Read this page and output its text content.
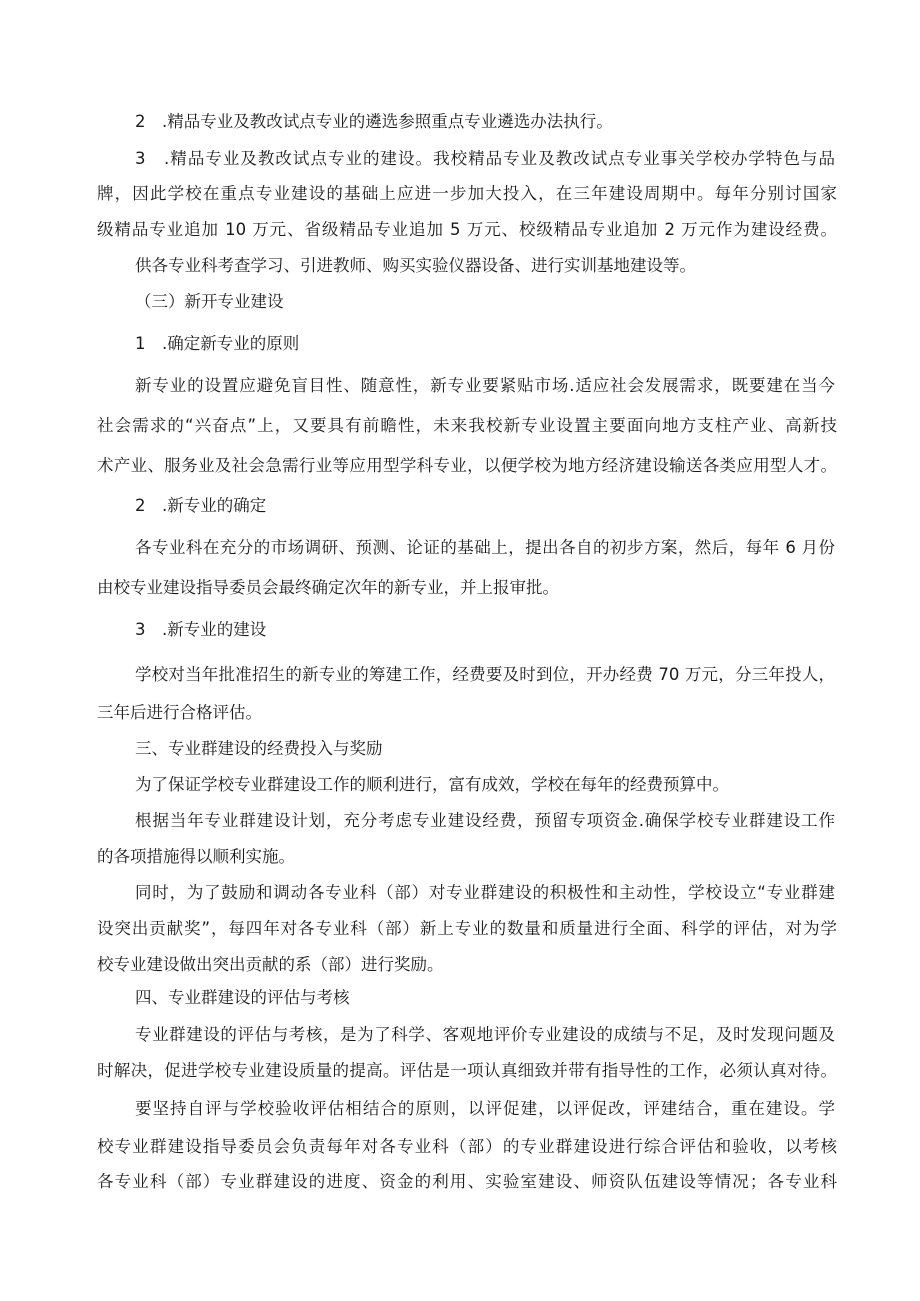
2　.精品专业及教改试点专业的遴选参照重点专业遴选办法执行。
3　.精品专业及教改试点专业的建设。我校精品专业及教改试点专业事关学校办学特色与品
牌，因此学校在重点专业建设的基础上应进一步加大投入，在三年建设周期中。每年分别讨国家
级精品专业追加 10 万元、省级精品专业追加 5 万元、校级精品专业追加 2 万元作为建设经费。
供各专业科考查学习、引进教师、购买实验仪器设备、进行实训基地建设等。
（三）新开专业建设
1　.确定新专业的原则
新专业的设置应避免盲目性、随意性，新专业要紧贴市场.适应社会发展需求，既要建在当今
社会需求的“兴奋点”上，又要具有前瞻性，未来我校新专业设置主要面向地方支柱产业、高新技
术产业、服务业及社会急需行业等应用型学科专业，以便学校为地方经济建设输送各类应用型人才。
2　.新专业的确定
各专业科在充分的市场调研、预测、论证的基础上，提出各自的初步方案，然后，每年 6 月份
由校专业建设指导委员会最终确定次年的新专业，并上报审批。
3　.新专业的建设
学校对当年批准招生的新专业的筹建工作，经费要及时到位，开办经费 70 万元，分三年投人，
三年后进行合格评估。
三、专业群建设的经费投入与奖励
为了保证学校专业群建设工作的顺利进行，富有成效，学校在每年的经费预算中。
根据当年专业群建设计划，充分考虑专业建设经费，预留专项资金.确保学校专业群建设工作
的各项措施得以顺利实施。
同时，为了鼓励和调动各专业科（部）对专业群建设的积极性和主动性，学校设立“专业群建
设突出贡献奖”，每四年对各专业科（部）新上专业的数量和质量进行全面、科学的评估，对为学
校专业建设做出突出贡献的系（部）进行奖励。
四、专业群建设的评估与考核
专业群建设的评估与考核，是为了科学、客观地评价专业建设的成绩与不足，及时发现问题及
时解决，促进学校专业建设质量的提高。评估是一项认真细致并带有指导性的工作，必须认真对待。
要坚持自评与学校验收评估相结合的原则，以评促建，以评促改，评建结合，重在建设。学
校专业群建设指导委员会负责每年对各专业科（部）的专业群建设进行综合评估和验收，以考核
各专业科（部）专业群建设的进度、资金的利用、实验室建设、师资队伍建设等情况；各专业科
